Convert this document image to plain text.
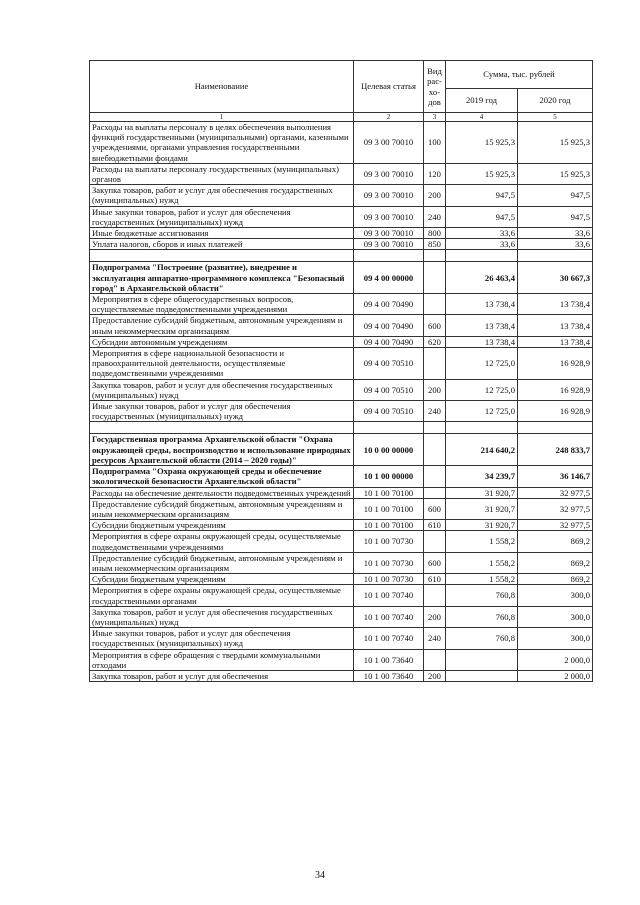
Наименование	Целевая статья	Вид рас-хо-дов	Сумма, тыс. рублей	
			2019 год	2020 год
1	2	3	4	5
Расходы на выплаты персоналу в целях обеспечения выполнения функций государственными (муниципальными) органами, казенными учреждениями, органами управления государственными внебюджетными фондами	09 3 00 70010	100	15 925,3	15 925,3
Расходы на выплаты персоналу государственных (муниципальных) органов	09 3 00 70010	120	15 925,3	15 925,3
Закупка товаров, работ и услуг для обеспечения государственных (муниципальных) нужд	09 3 00 70010	200	947,5	947,5
Иные закупки товаров, работ и услуг для обеспечения государственных (муниципальных) нужд	09 3 00 70010	240	947,5	947,5
Иные бюджетные ассигнования	09 3 00 70010	800	33,6	33,6
Уплата налогов, сборов и иных платежей	09 3 00 70010	850	33,6	33,6

Подпрограмма "Построение (развитие), внедрение и эксплуатация аппаратно-программного комплекса "Безопасный город" в Архангельской области"	09 4 00 00000		26 463,4	30 667,3
Мероприятия в сфере общегосударственных вопросов, осуществляемые подведомственными учреждениями	09 4 00 70490		13 738,4	13 738,4
Предоставление субсидий бюджетным, автономным учреждениям и иным некоммерческим организациям	09 4 00 70490	600	13 738,4	13 738,4
Субсидии автономным учреждениям	09 4 00 70490	620	13 738,4	13 738,4
Мероприятия в сфере национальной безопасности и правоохранительной деятельности, осуществляемые подведомственными учреждениями	09 4 00 70510		12 725,0	16 928,9
Закупка товаров, работ и услуг для обеспечения государственных (муниципальных) нужд	09 4 00 70510	200	12 725,0	16 928,9
Иные закупки товаров, работ и услуг для обеспечения государственных (муниципальных) нужд	09 4 00 70510	240	12 725,0	16 928,9

Государственная программа Архангельской области "Охрана окружающей среды, воспроизводство и использование природных ресурсов Архангельской области (2014 – 2020 годы)"	10 0 00 00000		214 640,2	248 833,7
Подпрограмма "Охрана окружающей среды и обеспечение экологической безопасности Архангельской области"	10 1 00 00000		34 239,7	36 146,7
Расходы на обеспечение деятельности подведомственных учреждений	10 1 00 70100		31 920,7	32 977,5
Предоставление субсидий бюджетным, автономным учреждениям и иным некоммерческим организациям	10 1 00 70100	600	31 920,7	32 977,5
Субсидии бюджетным учреждениям	10 1 00 70100	610	31 920,7	32 977,5
Мероприятия в сфере охраны окружающей среды, осуществляемые подведомственными учреждениями	10 1 00 70730		1 558,2	869,2
Предоставление субсидий бюджетным, автономным учреждениям и иным некоммерческим организациям	10 1 00 70730	600	1 558,2	869,2
Субсидии бюджетным учреждениям	10 1 00 70730	610	1 558,2	869,2
Мероприятия в сфере охраны окружающей среды, осуществляемые государственными органами	10 1 00 70740		760,8	300,0
Закупка товаров, работ и услуг для обеспечения государственных (муниципальных) нужд	10 1 00 70740	200	760,8	300,0
Иные закупки товаров, работ и услуг для обеспечения государственных (муниципальных) нужд	10 1 00 70740	240	760,8	300,0
Мероприятия в сфере обращения с твердыми коммунальными отходами	10 1 00 73640			2 000,0
Закупка товаров, работ и услуг для обеспечения	10 1 00 73640	200		2 000,0
34
